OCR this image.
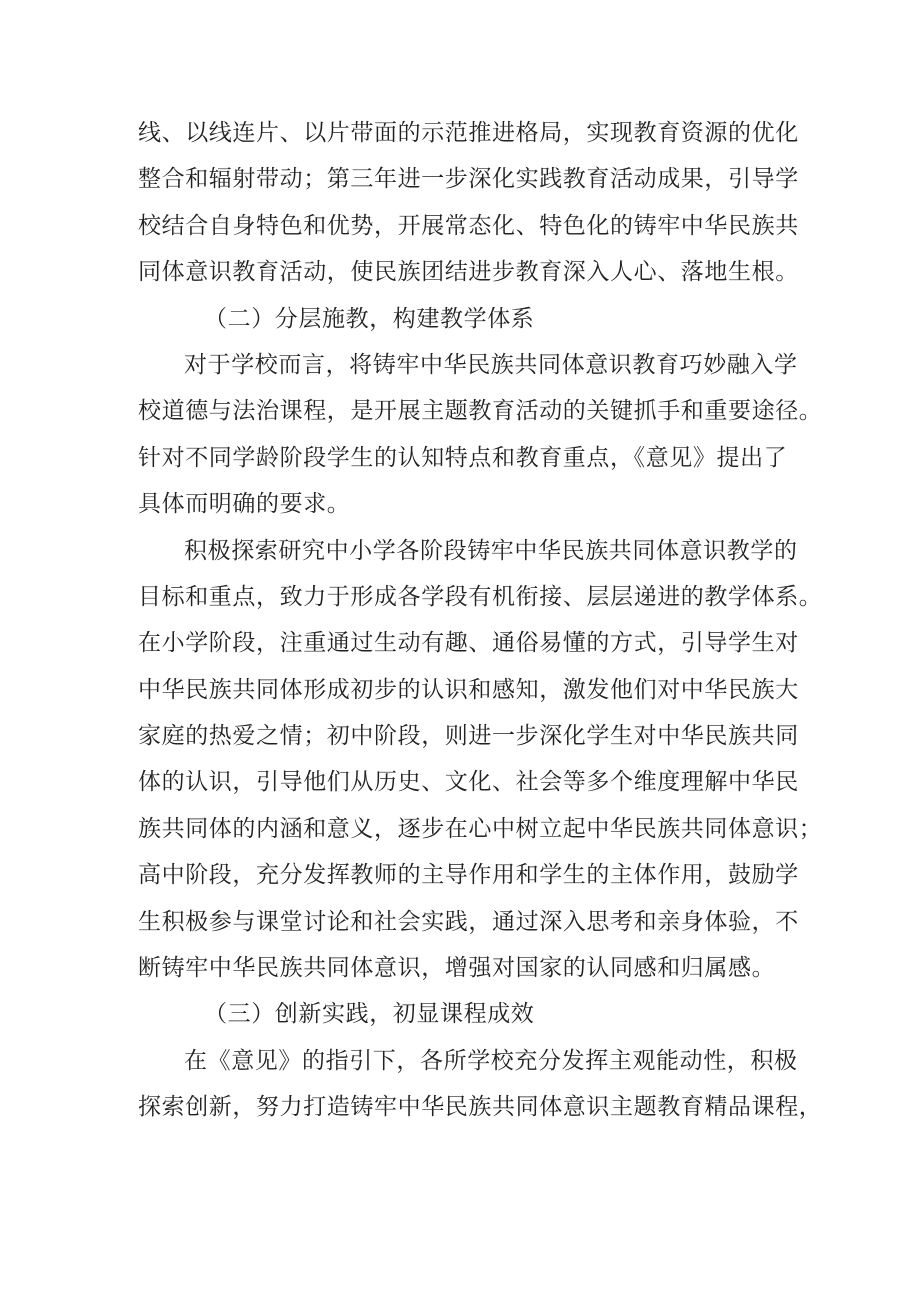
线、以线连片、以片带面的示范推进格局，实现教育资源的优化
整合和辐射带动；第三年进一步深化实践教育活动成果，引导学
校结合自身特色和优势，开展常态化、特色化的铸牢中华民族共
同体意识教育活动，使民族团结进步教育深入人心、落地生根。
（二）分层施教，构建教学体系
对于学校而言，将铸牢中华民族共同体意识教育巧妙融入学
校道德与法治课程，是开展主题教育活动的关键抓手和重要途径。
针对不同学龄阶段学生的认知特点和教育重点，《意见》提出了
具体而明确的要求。
积极探索研究中小学各阶段铸牢中华民族共同体意识教学的
目标和重点，致力于形成各学段有机衔接、层层递进的教学体系。
在小学阶段，注重通过生动有趣、通俗易懂的方式，引导学生对
中华民族共同体形成初步的认识和感知，激发他们对中华民族大
家庭的热爱之情；初中阶段，则进一步深化学生对中华民族共同
体的认识，引导他们从历史、文化、社会等多个维度理解中华民
族共同体的内涵和意义，逐步在心中树立起中华民族共同体意识；
高中阶段，充分发挥教师的主导作用和学生的主体作用，鼓励学
生积极参与课堂讨论和社会实践，通过深入思考和亲身体验，不
断铸牢中华民族共同体意识，增强对国家的认同感和归属感。
（三）创新实践，初显课程成效
在《意见》的指引下，各所学校充分发挥主观能动性，积极
探索创新，努力打造铸牢中华民族共同体意识主题教育精品课程，
